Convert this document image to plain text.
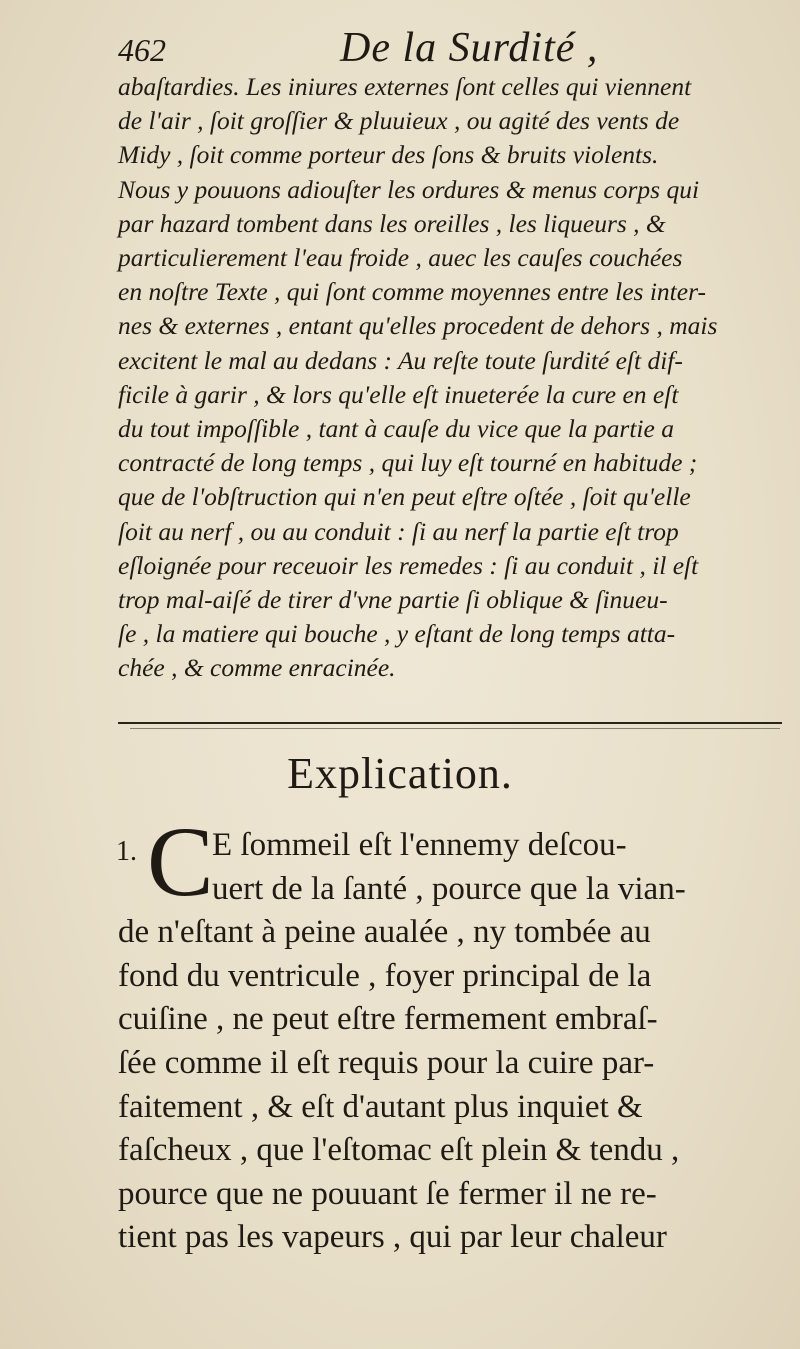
462	De la Surdité ,
abaſtardies. Les iniures externes ſont celles qui viennent
de l'air , ſoit groſſier & pluuieux , ou agité des vents de
Midy , ſoit comme porteur des ſons & bruits violents.
Nous y pouuons adiouſter les ordures & menus corps qui
par hazard tombent dans les oreilles , les liqueurs , &
particulierement l'eau froide , auec les cauſes couchées
en noſtre Texte , qui ſont comme moyennes entre les inter-
nes & externes , entant qu'elles procedent de dehors , mais
excitent le mal au dedans : Au reſte toute ſurdité eſt dif-
ficile à garir , & lors qu'elle eſt inueterée la cure en eſt
du tout impoſſible , tant à cauſe du vice que la partie a
contracté de long temps , qui luy eſt tourné en habitude ;
que de l'obſtruction qui n'en peut eſtre oſtée , ſoit qu'elle
ſoit au nerf , ou au conduit : ſi au nerf la partie eſt trop
eſloignée pour receuoir les remedes : ſi au conduit , il eſt
trop mal-aiſé de tirer d'vne partie ſi oblique & ſinueu-
ſe , la matiere qui bouche , y eſtant de long temps atta-
chée , & comme enracinée.
Explication.
1. C
E ſommeil eſt l'ennemy deſcou-
uert de la ſanté , pource que la vian-
de n'eſtant à peine aualée , ny tombée au
fond du ventricule , foyer principal de la
cuiſine , ne peut eſtre fermement embraſ-
ſée comme il eſt requis pour la cuire par-
faitement , & eſt d'autant plus inquiet &
faſcheux , que l'eſtomac eſt plein & tendu ,
pource que ne pouuant ſe fermer il ne re-
tient pas les vapeurs , qui par leur chaleur
